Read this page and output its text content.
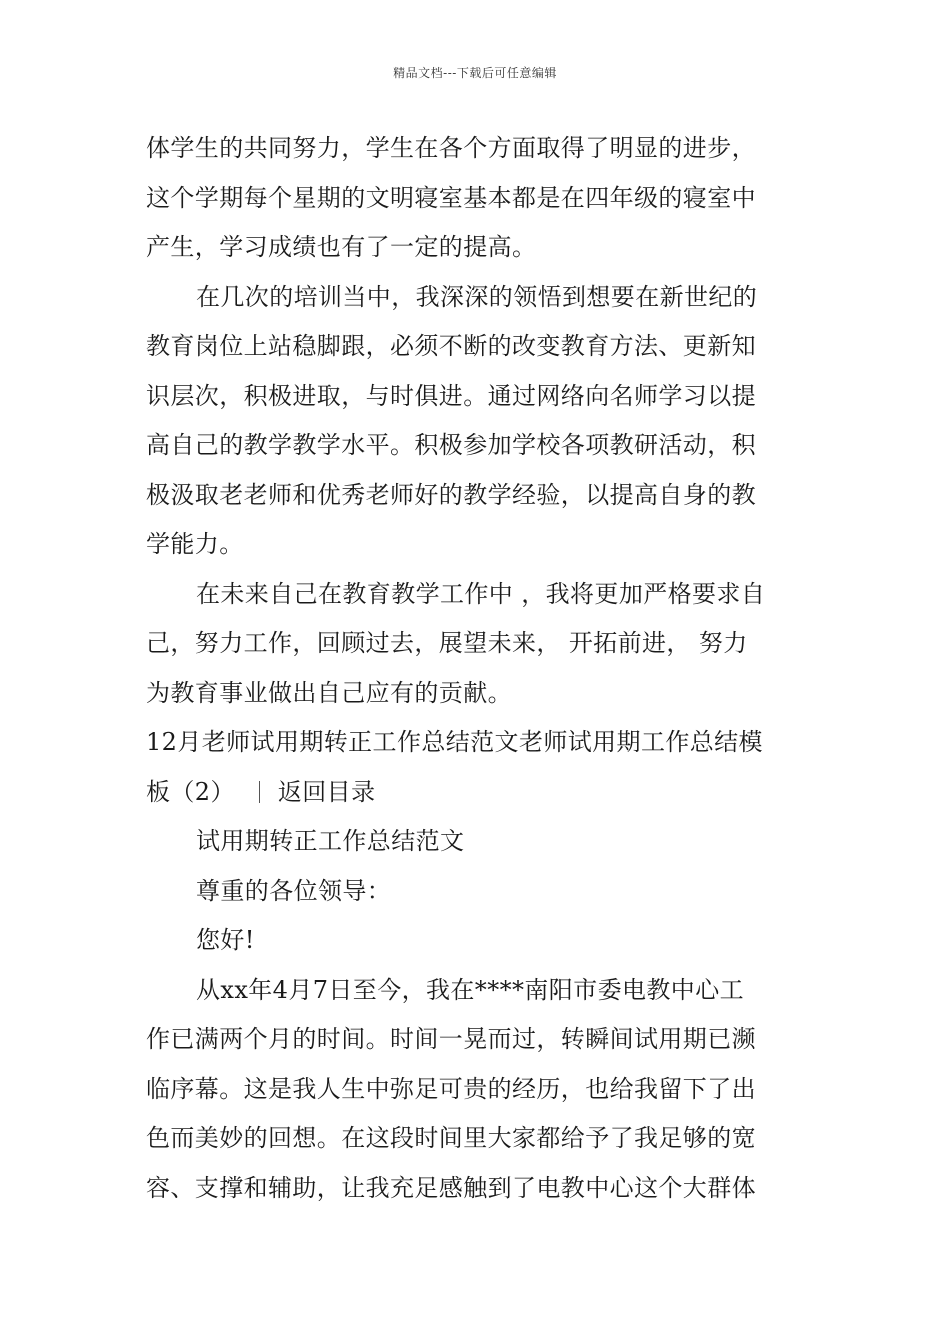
精品文档---下载后可任意编辑
体学生的共同努力，学生在各个方面取得了明显的进步，
这个学期每个星期的文明寝室基本都是在四年级的寝室中
产生，学习成绩也有了一定的提高。
在几次的培训当中，我深深的领悟到想要在新世纪的
教育岗位上站稳脚跟，必须不断的改变教育方法、更新知
识层次，积极进取，与时俱进。通过网络向名师学习以提
高自己的教学教学水平。积极参加学校各项教研活动，积
极汲取老老师和优秀老师好的教学经验，以提高自身的教
学能力。
在未来自己在教育教学工作中 ，我将更加严格要求自
己，努力工作，回顾过去，展望未来， 开拓前进， 努力
为教育事业做出自己应有的贡献。
12月老师试用期转正工作总结范文老师试用期工作总结模
板（2） 返回目录
试用期转正工作总结范文
尊重的各位领导：
您好!
从xx年4月7日至今，我在****南阳市委电教中心工
作已满两个月的时间。时间一晃而过，转瞬间试用期已濒
临序幕。这是我人生中弥足可贵的经历，也给我留下了出
色而美妙的回想。在这段时间里大家都给予了我足够的宽
容、支撑和辅助，让我充足感触到了电教中心这个大群体
